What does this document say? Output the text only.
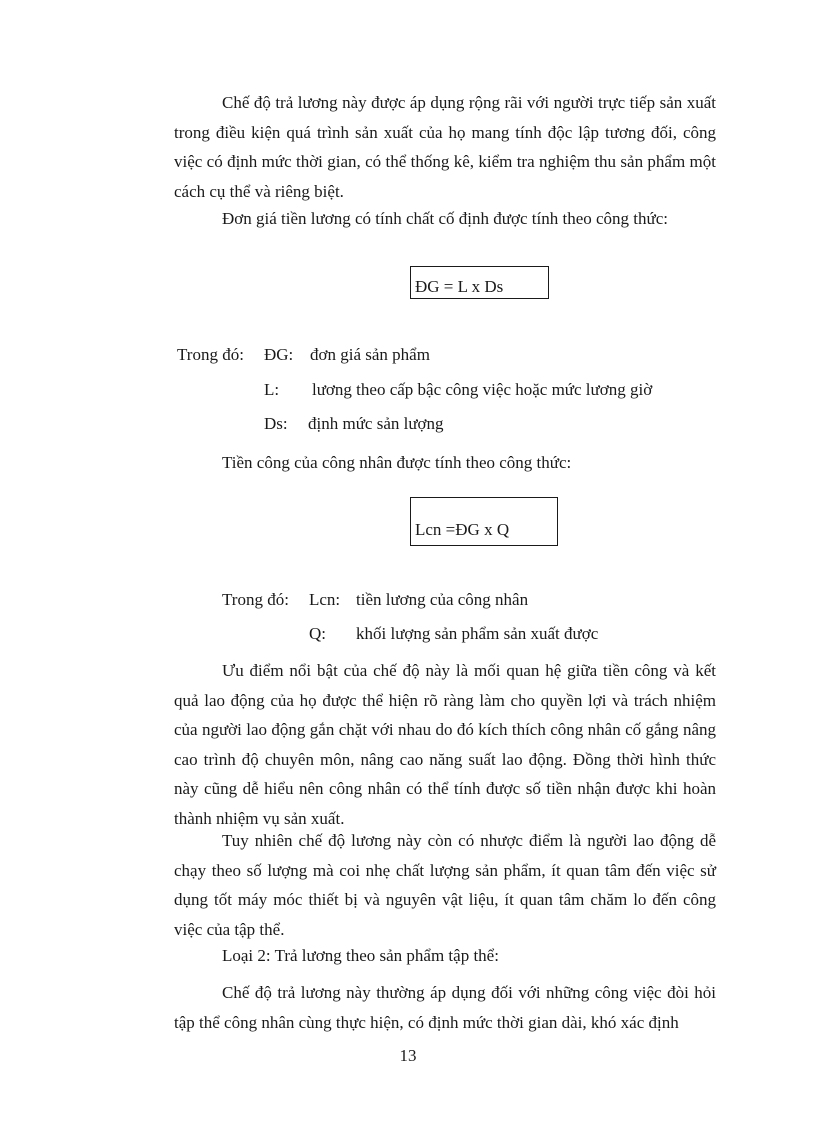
Chế độ trả lương này được áp dụng rộng rãi với người trực tiếp sản xuất trong điều kiện quá trình sản xuất của họ mang tính độc lập tương đối, công việc có định mức thời gian, có thể thống kê, kiểm tra nghiệm thu sản phẩm một cách cụ thể và riêng biệt.

Đơn giá tiền lương có tính chất cố định được tính theo công thức:

ĐG = L x Ds
Trong đó: ĐG: đơn giá sản phẩm
L: lương theo cấp bậc công việc hoặc mức lương giờ
Ds: định mức sản lượng

Tiền công của công nhân được tính theo công thức:

Lcn =ĐG x Q
Trong đó: Lcn: tiền lương của công nhân
Q: khối lượng sản phẩm sản xuất được

Ưu điểm nổi bật của chế độ này là mối quan hệ giữa tiền công và kết quả lao động của họ được thể hiện rõ ràng làm cho quyền lợi và trách nhiệm của người lao động gắn chặt với nhau do đó kích thích công nhân cố gắng nâng cao trình độ chuyên môn, nâng cao năng suất lao động. Đồng thời hình thức này cũng dễ hiểu nên công nhân có thể tính được số tiền nhận được khi hoàn thành nhiệm vụ sản xuất.

Tuy nhiên chế độ lương này còn có nhược điểm là người lao động dễ chạy theo số lượng mà coi nhẹ chất lượng sản phẩm, ít quan tâm đến việc sử dụng tốt máy móc thiết bị và nguyên vật liệu, ít quan tâm chăm lo đến công việc của tập thể.

Loại 2: Trả lương theo sản phẩm tập thể:

Chế độ trả lương này thường áp dụng đối với những công việc đòi hỏi tập thể công nhân cùng thực hiện, có định mức thời gian dài, khó xác định

13
